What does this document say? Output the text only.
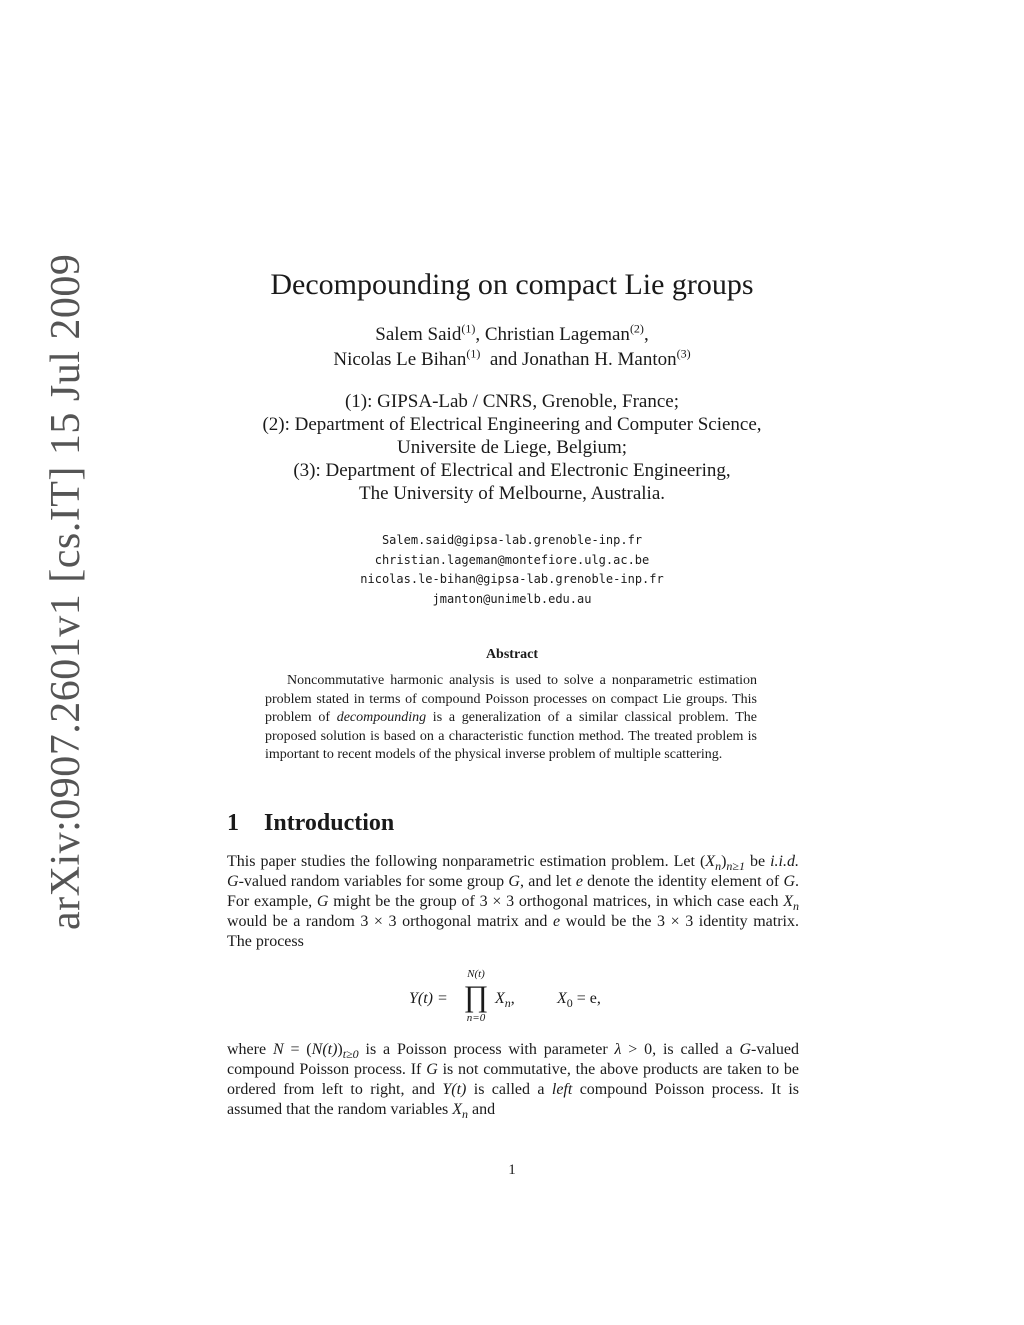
arXiv:0907.2601v1 [cs.IT] 15 Jul 2009	Decompounding on compact Lie groups
Salem Said$^{(1)}$, Christian Lageman$^{(2)}$,
Nicolas Le Bihan$^{(1)}$ and Jonathan H. Manton$^{(3)}$
(1): GIPSA-Lab / CNRS, Grenoble, France;
(2): Department of Electrical Engineering and Computer Science,
Universite de Liege, Belgium;
(3): Department of Electrical and Electronic Engineering,
The University of Melbourne, Australia.
Salem.said@gipsa-lab.grenoble-inp.fr
christian.lageman@montefiore.ulg.ac.be
nicolas.le-bihan@gipsa-lab.grenoble-inp.fr
jmanton@unimelb.edu.au
Abstract
Noncommutative harmonic analysis is used to solve a nonparametric estimation problem stated in terms of compound Poisson processes on compact Lie groups. This problem of decompounding is a generalization of a similar classical problem. The proposed solution is based on a characteristic function method. The treated problem is important to recent models of the physical inverse problem of multiple scattering.
1 Introduction
This paper studies the following nonparametric estimation problem. Let $(X_n)_{n\ge 1}$ be i.i.d. G-valued random variables for some group G, and let e denote the identity element of G. For example, G might be the group of 3 × 3 orthogonal matrices, in which case each $X_n$ would be a random 3 × 3 orthogonal matrix and e would be the 3 × 3 identity matrix. The process
Y(t) =
N(t)
∏
n=0
$X_n$,	$X_0 = e$,
where $N = (N(t))_{t\ge 0}$ is a Poisson process with parameter λ > 0, is called a G-valued compound Poisson process. If G is not commutative, the above products are taken to be ordered from left to right, and Y(t) is called a left compound Poisson process. It is assumed that the random variables $X_n$ and
1
